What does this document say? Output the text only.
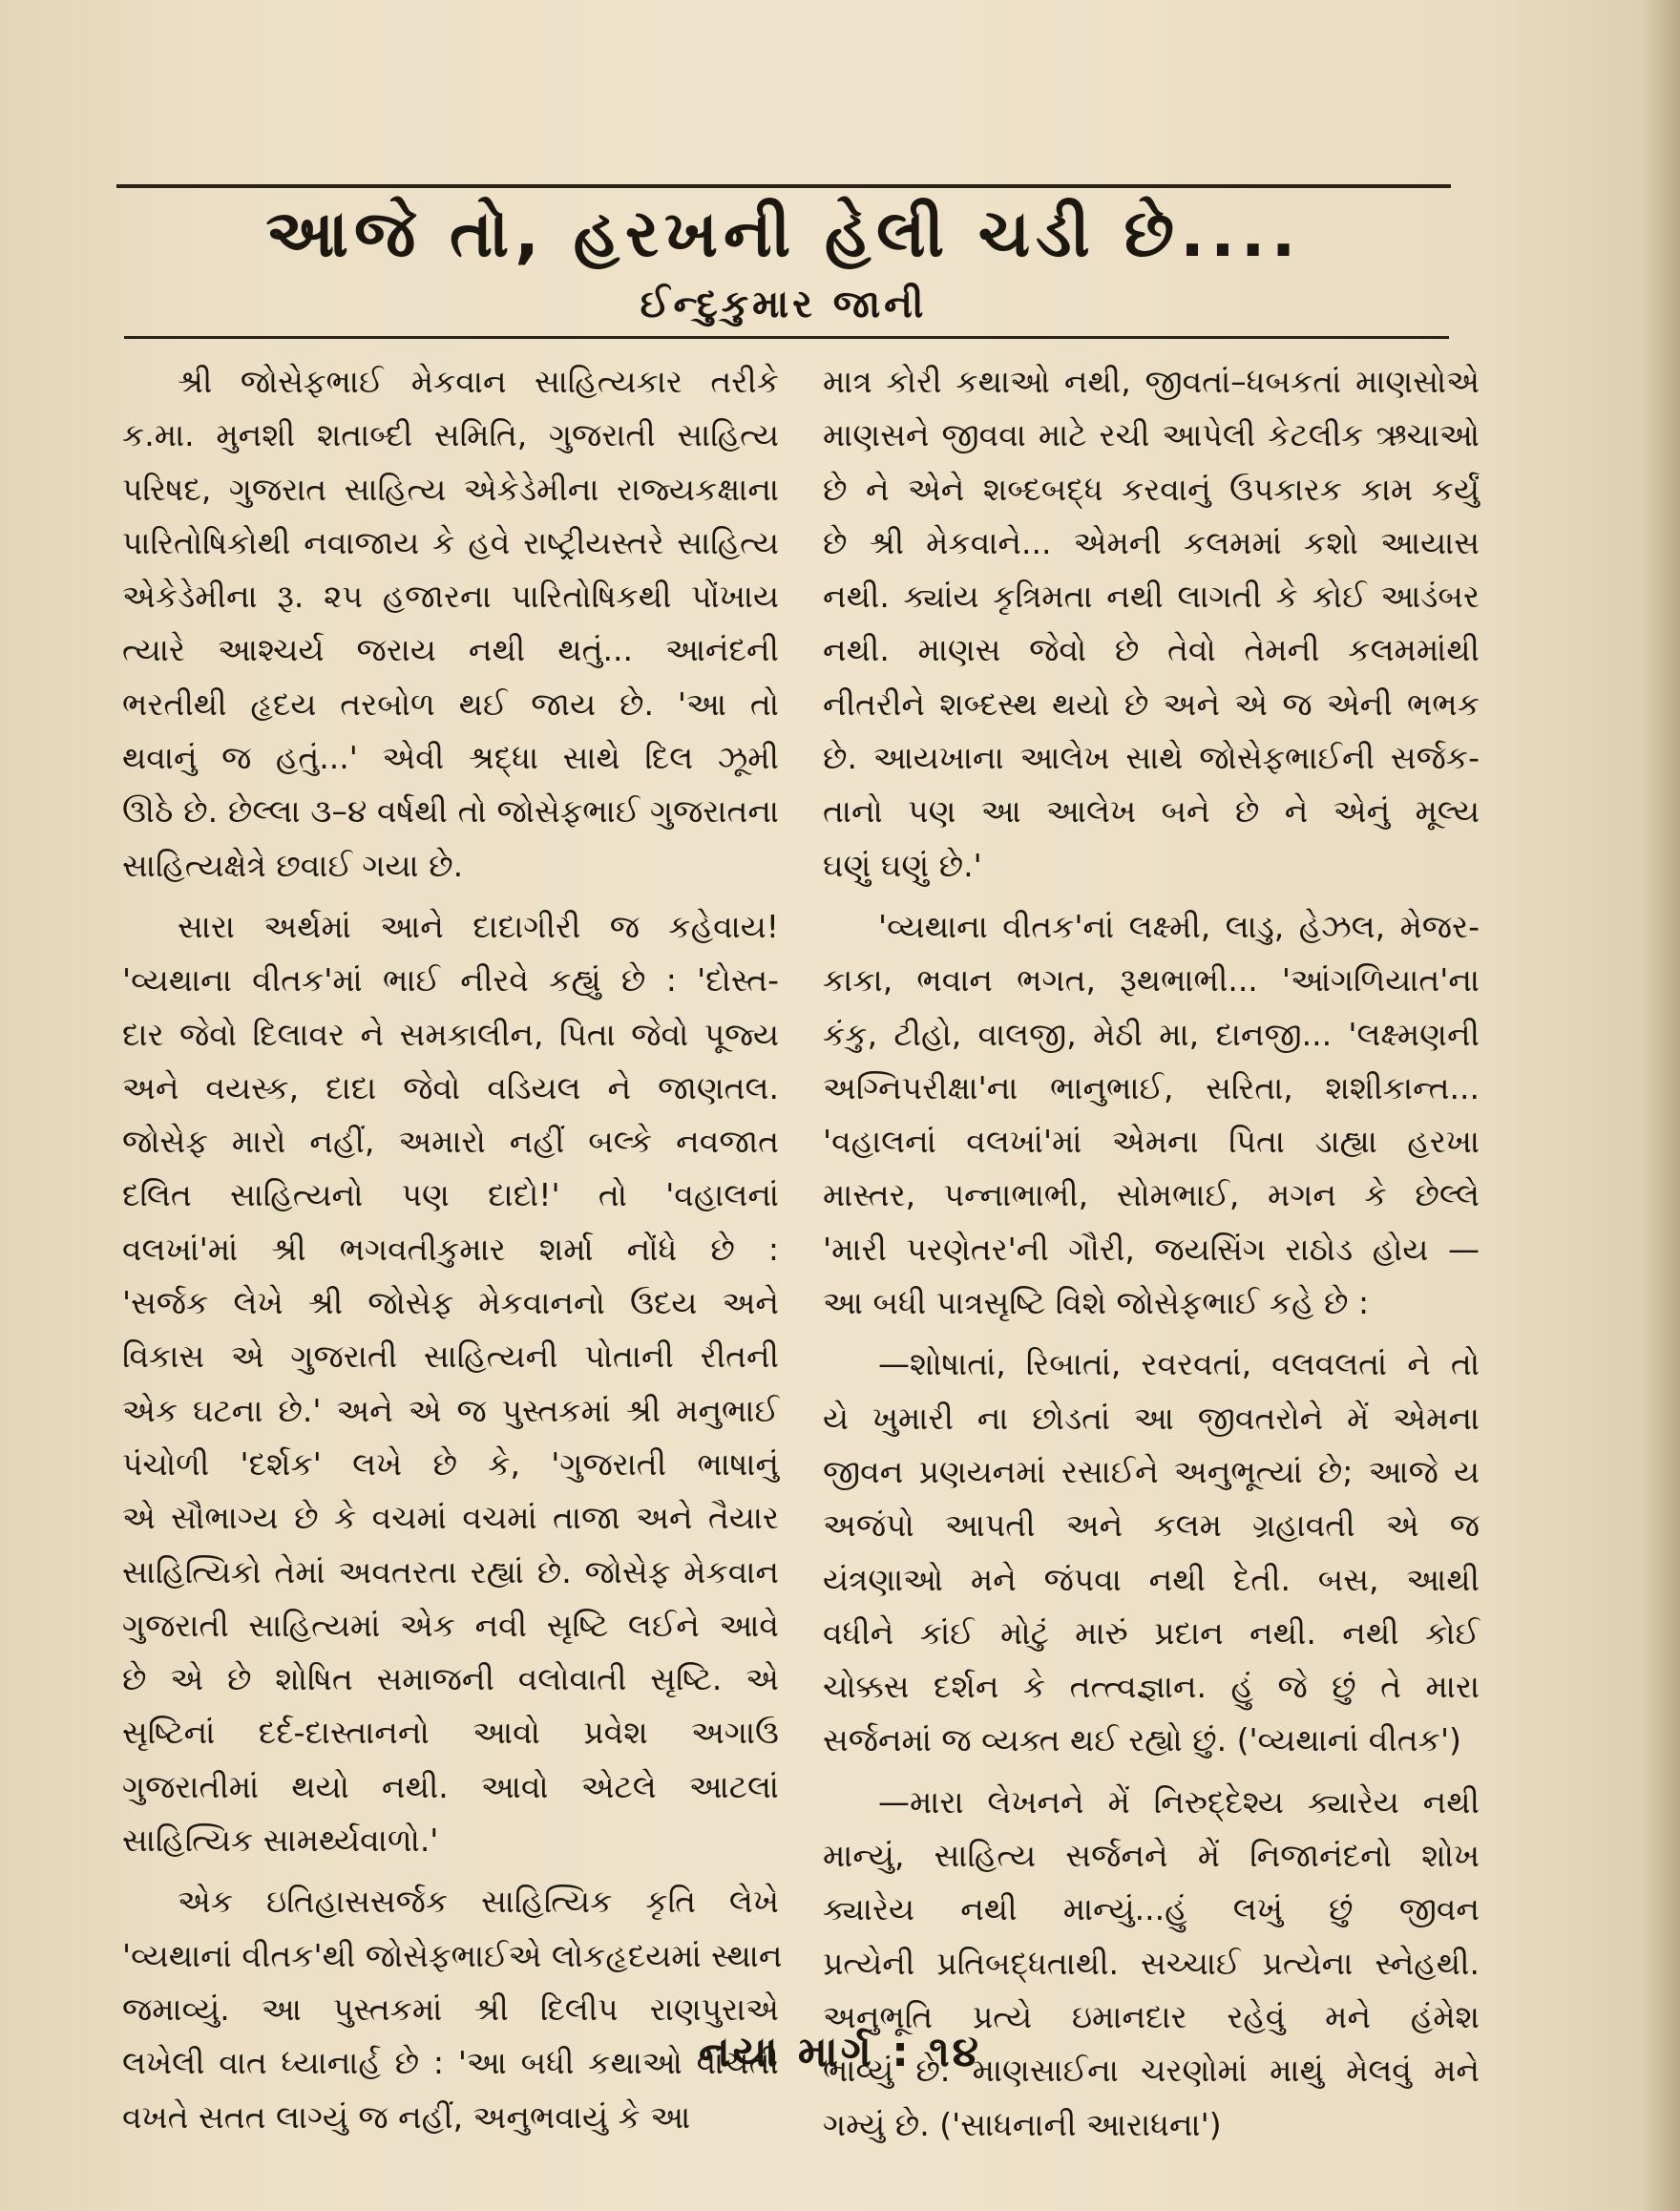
આજે તો, હરખની હેલી ચડી છે....
ઈન્દુકુમાર જાની
શ્રી જોસેફભાઈ મેકવાન સાહિત્યકાર તરીકે
ક.મા. મુનશી શતાબ્દી સમિતિ, ગુજરાતી સાહિત્ય
પરિષદ, ગુજરાત સાહિત્ય એકેડેમીના રાજ્યકક્ષાના
પારિતોષિકોથી નવાજાય કે હવે રાષ્ટ્રીયસ્તરે સાહિત્ય
એકેડેમીના રૂ. ૨૫ હજારના પારિતોષિકથી પોંખાય
ત્યારે આશ્ચર્ય જરાય નથી થતું... આનંદની
ભરતીથી હૃદય તરબોળ થઈ જાય છે. 'આ તો
થવાનું જ હતું...' એવી શ્રદ્ધા સાથે દિલ ઝૂમી
ઊઠે છે. છેલ્લા ૩–૪ વર્ષથી તો જોસેફભાઈ ગુજરાતના
સાહિત્યક્ષેત્રે છવાઈ ગયા છે.
સારા અર્થમાં આને દાદાગીરી જ કહેવાય!
'વ્યથાના વીતક'માં ભાઈ નીરવે કહ્યું છે : 'દોસ્ત-
દાર જેવો દિલાવર ને સમકાલીન, પિતા જેવો પૂજ્ય
અને વયસ્ક, દાદા જેવો વડિયલ ને જાણતલ.
જોસેફ મારો નહીં, અમારો નહીં બલ્કે નવજાત
દલિત સાહિત્યનો પણ દાદો!' તો 'વહાલનાં
વલખાં'માં શ્રી ભગવતીકુમાર શર્મા નોંધે છે :
'સર્જક લેખે શ્રી જોસેફ મેકવાનનો ઉદય અને
વિકાસ એ ગુજરાતી સાહિત્યની પોતાની રીતની
એક ઘટના છે.' અને એ જ પુસ્તકમાં શ્રી મનુભાઈ
પંચોળી 'દર્શક' લખે છે કે, 'ગુજરાતી ભાષાનું
એ સૌભાગ્ય છે કે વચમાં વચમાં તાજા અને તૈયાર
સાહિત્યિકો તેમાં અવતરતા રહ્યાં છે. જોસેફ મેકવાન
ગુજરાતી સાહિત્યમાં એક નવી સૃષ્ટિ લઈને આવે
છે એ છે શોષિત સમાજની વલોવાતી સૃષ્ટિ. એ
સૃષ્ટિનાં દર્દ-દાસ્તાનનો આવો પ્રવેશ અગાઉ
ગુજરાતીમાં થયો નથી. આવો એટલે આટલાં
સાહિત્યિક સામર્થ્યવાળો.'
એક ઇતિહાસસર્જક સાહિત્યિક કૃતિ લેખે
'વ્યથાનાં વીતક'થી જોસેફભાઈએ લોકહૃદયમાં સ્થાન
જમાવ્યું. આ પુસ્તકમાં શ્રી દિલીપ રાણપુરાએ
લખેલી વાત ધ્યાનાર્હ છે : 'આ બધી કથાઓ વાંચતી
વખતે સતત લાગ્યું જ નહીં, અનુભવાયું કે આ
માત્ર કોરી કથાઓ નથી, જીવતાં–ધબકતાં માણસોએ
માણસને જીવવા માટે રચી આપેલી કેટલીક ઋચાઓ
છે ને એને શબ્દબદ્ધ કરવાનું ઉપકારક કામ કર્યું
છે શ્રી મેકવાને... એમની કલમમાં કશો આયાસ
નથી. ક્યાંય કૃત્રિમતા નથી લાગતી કે કોઈ આડંબર
નથી. માણસ જેવો છે તેવો તેમની કલમમાંથી
નીતરીને શબ્દસ્થ થયો છે અને એ જ એની ભભક
છે. આયખાના આલેખ સાથે જોસેફભાઈની સર્જક-
તાનો પણ આ આલેખ બને છે ને એનું મૂલ્ય
ઘણું ઘણું છે.'
'વ્યથાના વીતક'નાં લક્ષ્મી, લાડુ, હેઝલ, મેજર-
કાકા, ભવાન ભગત, રૂથભાભી... 'આંગળિયાત'ના
કંકુ, ટીહો, વાલજી, મેઠી મા, દાનજી... 'લક્ષ્મણની
અગ્નિપરીક્ષા'ના ભાનુભાઈ, સરિતા, શશીકાન્ત...
'વહાલનાં વલખાં'માં એમના પિતા ડાહ્યા હરખા
માસ્તર, પન્નાભાભી, સોમભાઈ, મગન કે છેલ્લે
'મારી પરણેતર'ની ગૌરી, જયસિંગ રાઠોડ હોય —
આ બધી પાત્રસૃષ્ટિ વિશે જોસેફભાઈ કહે છે :
—શોષાતાં, રિબાતાં, રવરવતાં, વલવલતાં ને તો
યે ખુમારી ના છોડતાં આ જીવતરોને મેં એમના
જીવન પ્રણયનમાં રસાઈને અનુભૂત્યાં છે; આજે ય
અજંપો આપતી અને કલમ ગ્રહાવતી એ જ
યંત્રણાઓ મને જંપવા નથી દેતી. બસ, આથી
વધીને કાંઈ મોટું મારું પ્રદાન નથી. નથી કોઈ
ચોક્કસ દર્શન કે તત્ત્વજ્ઞાન. હું જે છું તે મારા
સર્જનમાં જ વ્યક્ત થઈ રહ્યો છું. ('વ્યથાનાં વીતક')
—મારા લેખનને મેં નિરુદ્દેશ્ય ક્યારેય નથી
માન્યું, સાહિત્ય સર્જનને મેં નિજાનંદનો શોખ
ક્યારેય નથી માન્યું...હું લખું છું જીવન
પ્રત્યેની પ્રતિબદ્ધતાથી. સચ્ચાઈ પ્રત્યેના સ્નેહથી.
અનુભૂતિ પ્રત્યે ઇમાનદાર રહેવું મને હંમેશ
ભાવ્યું છે. માણસાઈના ચરણોમાં માથું મેલવું મને
ગમ્યું છે. ('સાધનાની આરાધના')
નયા માર્ગ : ૧૪
